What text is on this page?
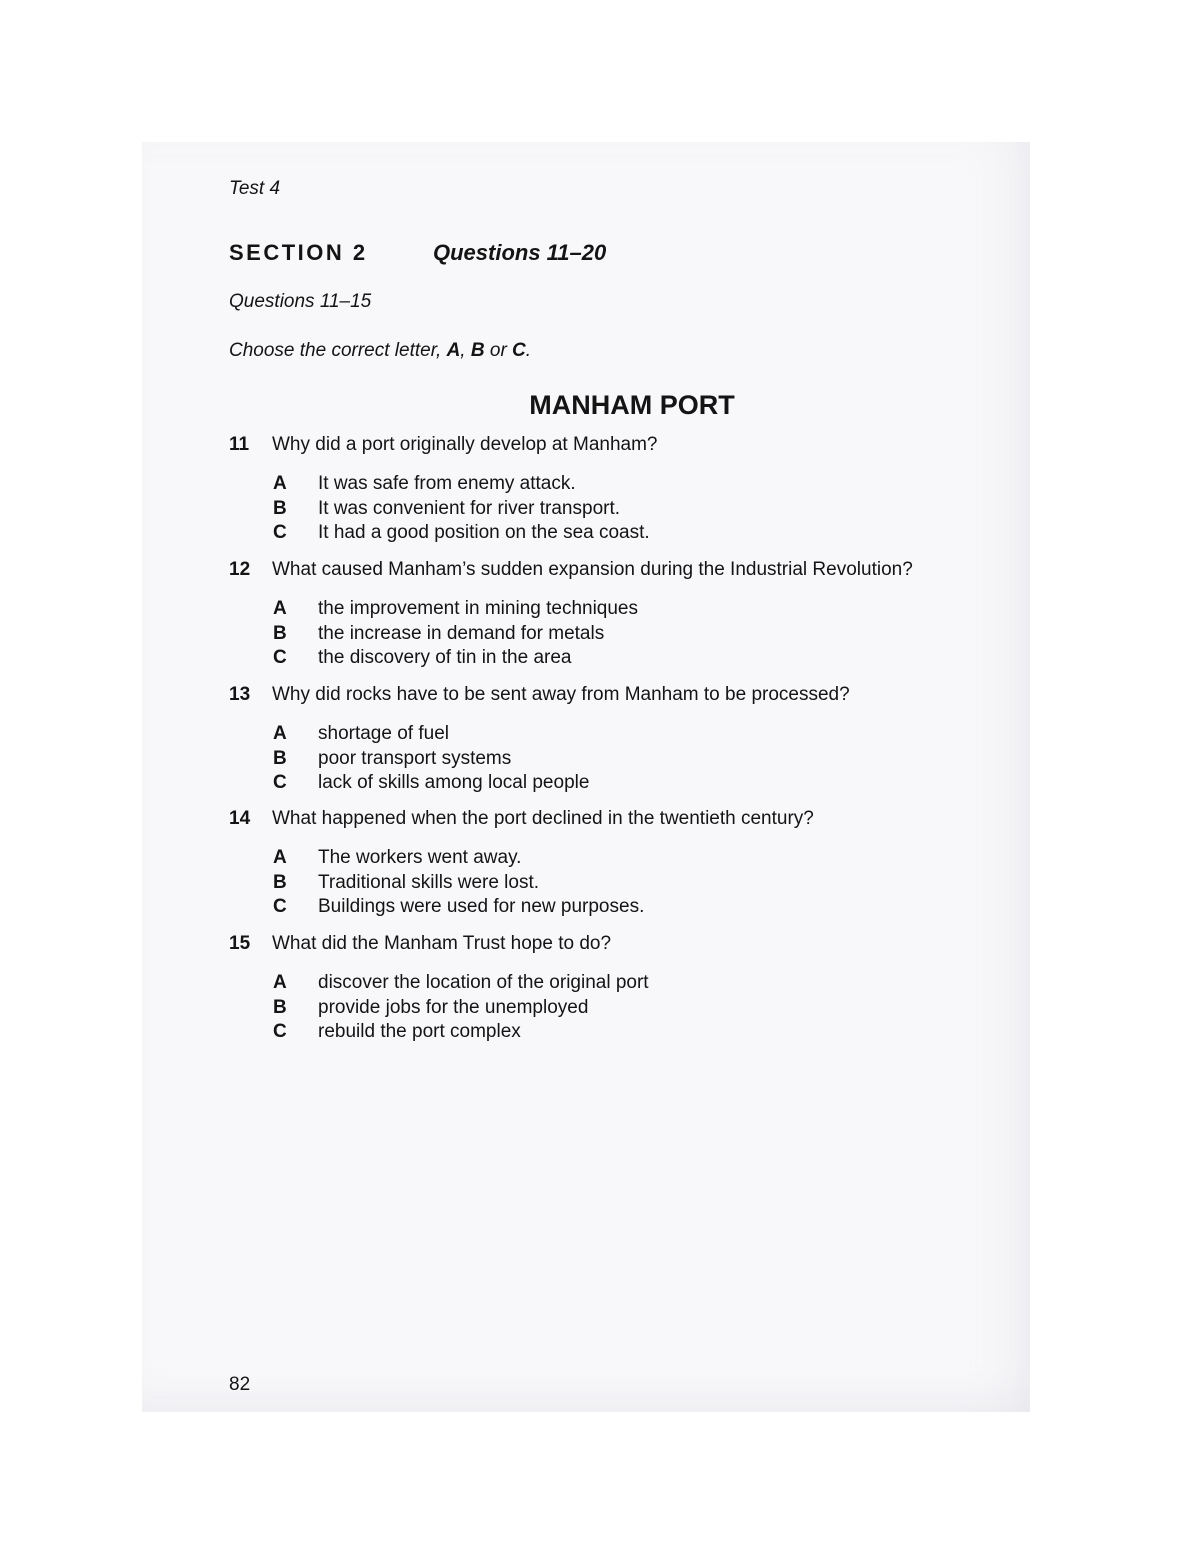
Test 4
SECTION 2	Questions 11–20
Questions 11–15
Choose the correct letter, A, B or C.
MANHAM PORT
11 Why did a port originally develop at Manham?
A It was safe from enemy attack.
B It was convenient for river transport.
C It had a good position on the sea coast.
12 What caused Manham’s sudden expansion during the Industrial Revolution?
A the improvement in mining techniques
B the increase in demand for metals
C the discovery of tin in the area
13 Why did rocks have to be sent away from Manham to be processed?
A shortage of fuel
B poor transport systems
C lack of skills among local people
14 What happened when the port declined in the twentieth century?
A The workers went away.
B Traditional skills were lost.
C Buildings were used for new purposes.
15 What did the Manham Trust hope to do?
A discover the location of the original port
B provide jobs for the unemployed
C rebuild the port complex
82
